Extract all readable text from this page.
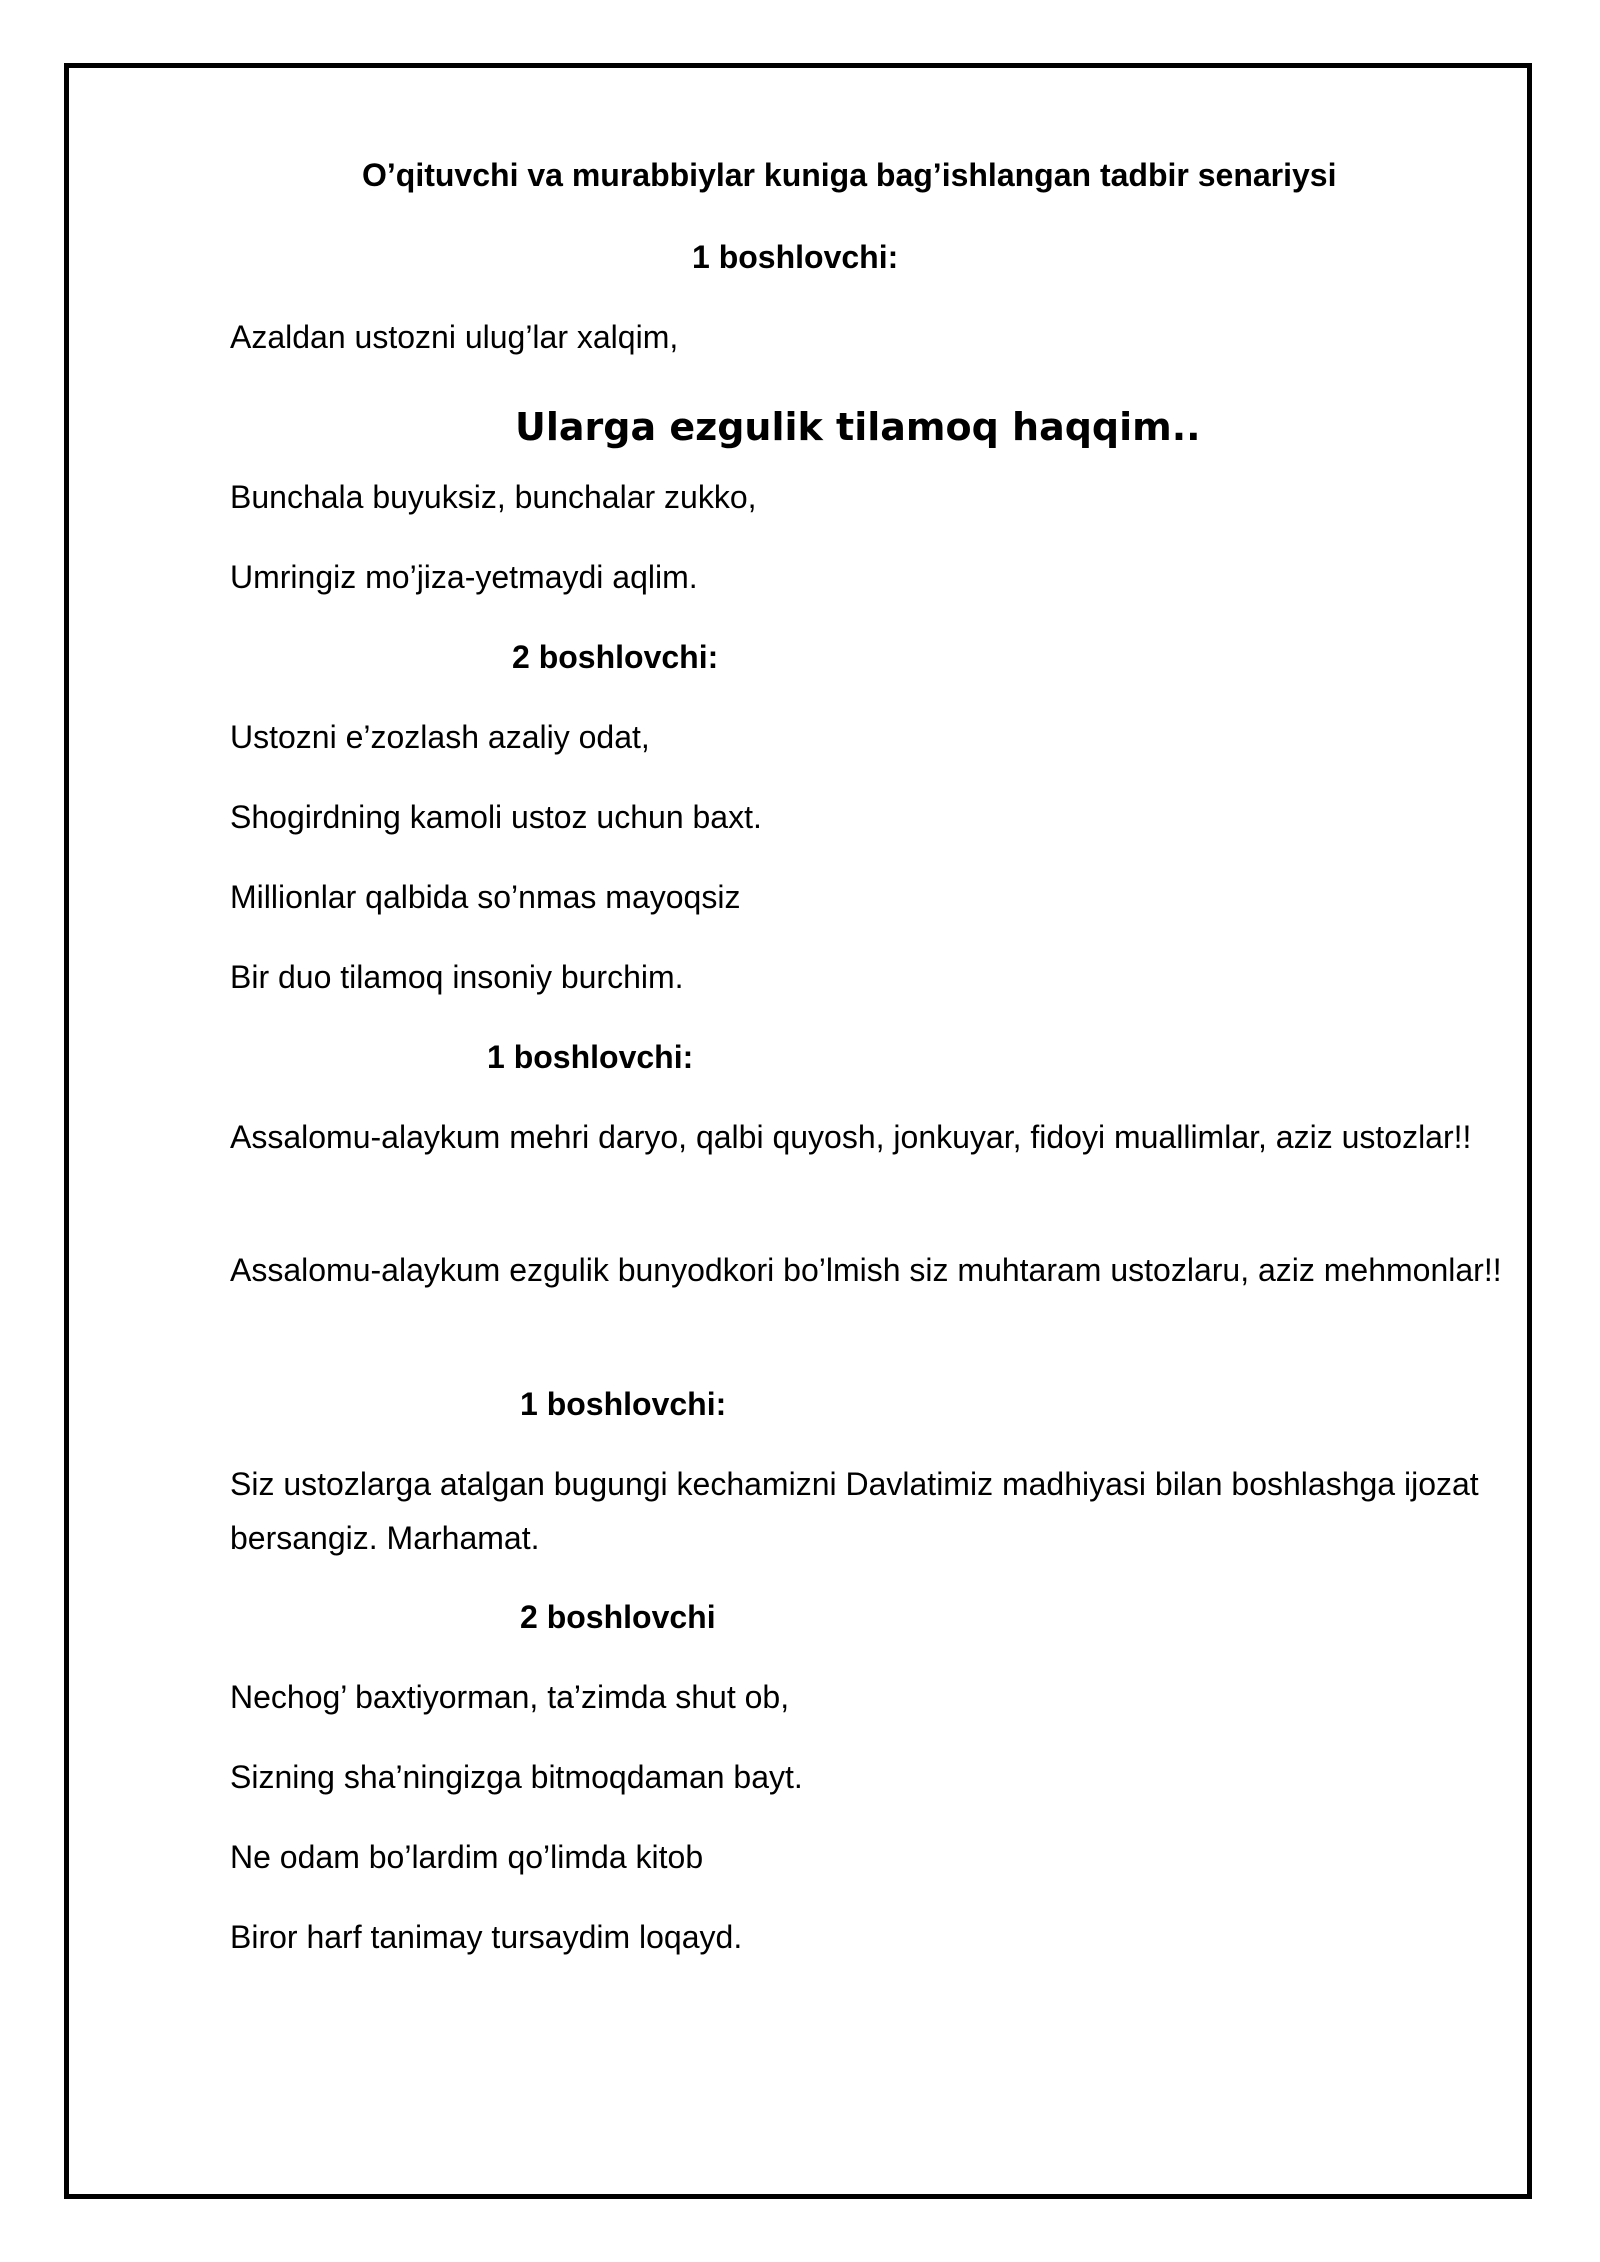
O’qituvchi va murabbiylar kuniga bag’ishlangan tadbir senariysi
1 boshlovchi:
Azaldan ustozni ulug’lar xalqim,
Ularga ezgulik tilamoq haqqim..
Bunchala buyuksiz, bunchalar zukko,
Umringiz mo’jiza-yetmaydi aqlim.
2 boshlovchi:
Ustozni e’zozlash azaliy odat,
Shogirdning kamoli ustoz uchun baxt.
Millionlar qalbida so’nmas mayoqsiz
Bir duo tilamoq insoniy burchim.
1 boshlovchi:
Assalomu-alaykum mehri daryo, qalbi quyosh, jonkuyar, fidoyi muallimlar, aziz ustozlar!!
Assalomu-alaykum ezgulik bunyodkori bo’lmish siz muhtaram ustozlaru, aziz mehmonlar!!
1 boshlovchi:
Siz ustozlarga atalgan bugungi kechamizni Davlatimiz madhiyasi bilan boshlashga ijozat bersangiz. Marhamat.
2 boshlovchi
Nechog’ baxtiyorman, ta’zimda shut ob,
Sizning sha’ningizga bitmoqdaman bayt.
Ne odam bo’lardim qo’limda kitob
Biror harf tanimay tursaydim loqayd.
